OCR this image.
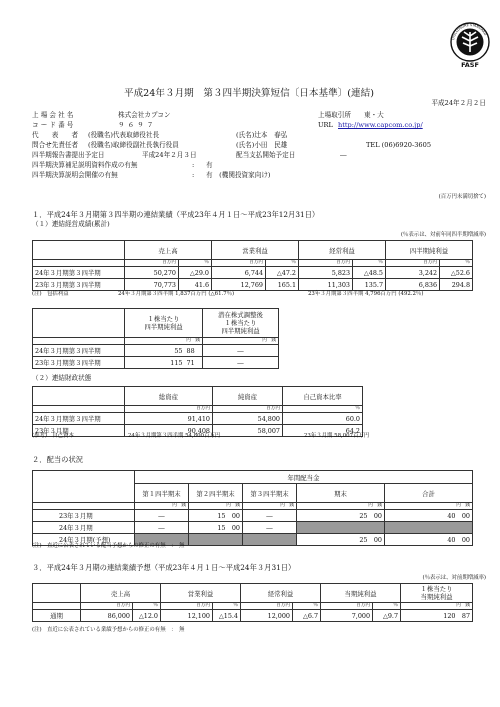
DISCLOSURE STANDARD
FASF
平成24年３月期　第３四半期決算短信〔日本基準〕(連結)
平成24年２月２日
上 場 会 社 名	株式会社カプコン	上場取引所 東・大
コ ー ド 番 号	９６９７	URL http://www.capcom.co.jp/
代　　表　　者 (役職名)代表取締役社長	(氏名)辻本　春弘
問合せ先責任者 (役職名)取締役副社長執行役員	(氏名)小田　民雄	TEL (06)6920-3605
四半期報告書提出予定日	平成24年２月３日	配当支払開始予定日	―
四半期決算補足説明資料作成の有無	: 有
四半期決算説明会開催の有無	: 有　(機関投資家向け)
(百万円未満切捨て)
１．平成24年３月期第３四半期の連結業績（平成23年４月１日～平成23年12月31日）
（１）連結経営成績(累計)
(％表示は、対前年同四半期増減率)
	売上高		営業利益		経常利益		四半期純利益	
	百万円	％	百万円	％	百万円	％	百万円	％
24年３月期第３四半期	50,270	△29.0	6,744	△47.2	5,823	△48.5	3,242	△52.6
23年３月期第３四半期	70,773	41.6	12,769	165.1	11,303	135.7	6,836	294.8
(注)　包括利益	24年３月期第３四半期 1,837百万円 (△61.7％)	23年３月期第３四半期 4,796百万円 (492.2％)
	１株当たり
四半期純利益		潜在株式調整後
１株当たり
四半期純利益
	円　銭		円　銭
24年３月期第３四半期	55	88	―
23年３月期第３四半期	115	71	―
（２）連結財政状態
	総資産	純資産	自己資本比率
	百万円	百万円	％
24年３月期第３四半期	91,410	54,800	60.0
23年３月期	90,408	58,007	64.2
(参考)　自己資本	24年３月期第３四半期 54,800百万円	23年３月期 58,007百万円
２．配当の状況
	年間配当金				
	第１四半期末	第２四半期末	第３四半期末	期末	合計
	円　銭	円　銭	円　銭	円　銭	円　銭
23年３月期	―	15　00	―	25　00	40　00
24年３月期	―	15　00	―		
24年３月期(予想)				25　00	40　00
(注)　直近に公表されている配当予想からの修正の有無　：　無
３．平成24年３月期の連結業績予想（平成23年４月１日～平成24年３月31日）
(％表示は、対前期増減率)
	売上高		営業利益		経常利益		当期純利益		１株当たり
当期純利益
	百万円	％	百万円	％	百万円	％	百万円	％	円　銭
通期	86,000	△12.0	12,100	△15.4	12,000	△6.7	7,000	△9.7	120　87
(注)　直近に公表されている業績予想からの修正の有無　：　無
